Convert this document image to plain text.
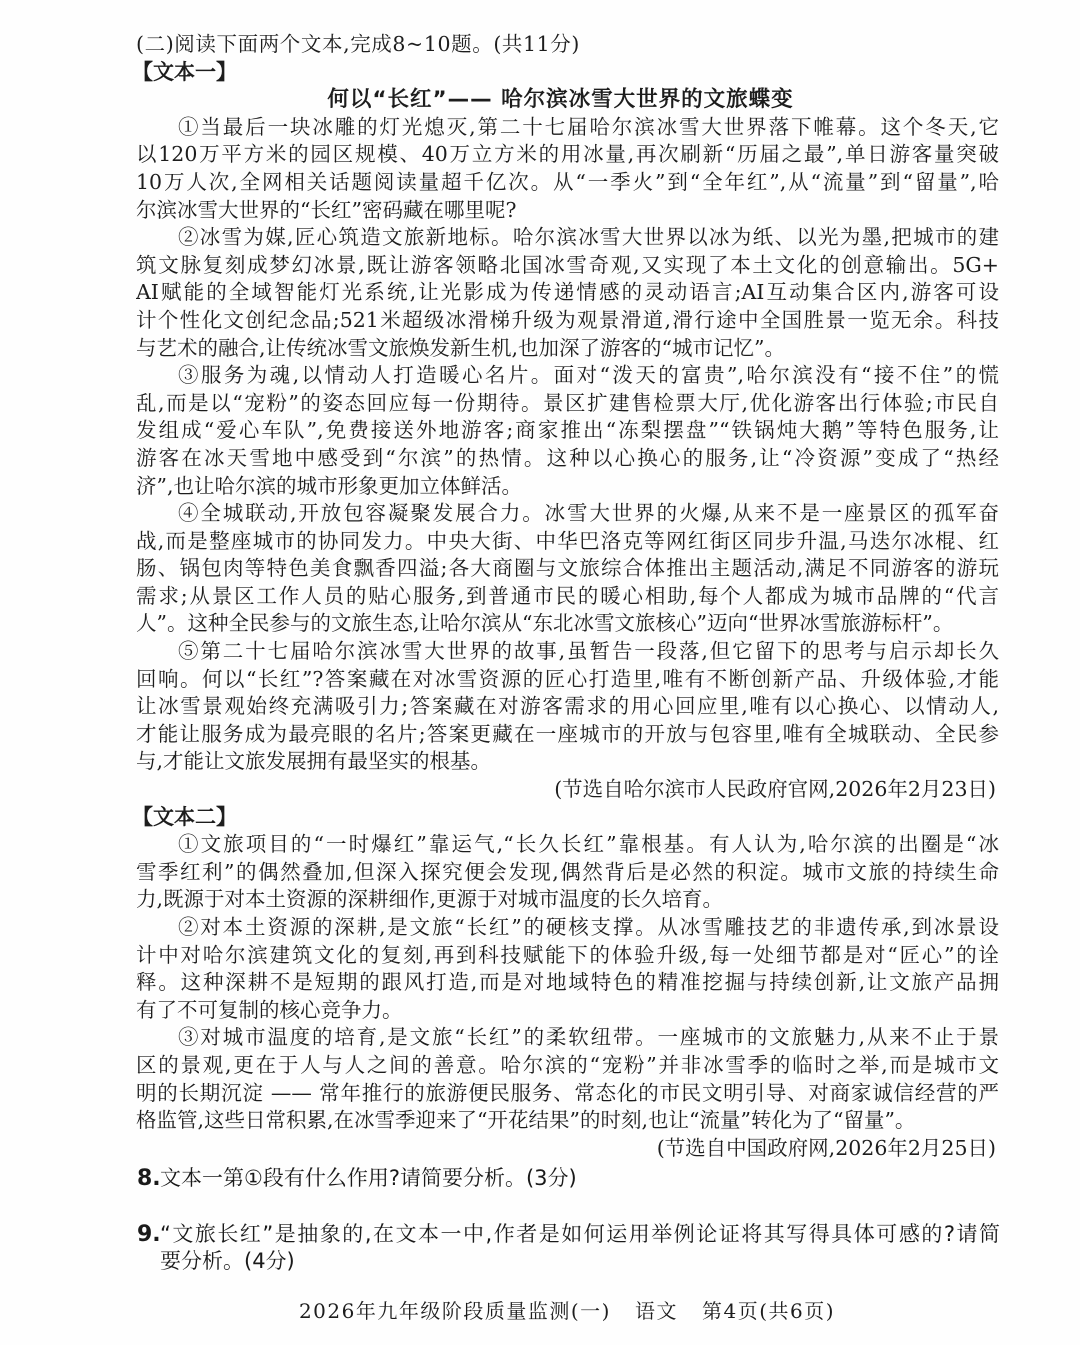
(二)阅读下面两个文本,完成8~10题。(共11分)
【文本一】
何以“长红”—— 哈尔滨冰雪大世界的文旅蝶变
①当最后一块冰雕的灯光熄灭,第二十七届哈尔滨冰雪大世界落下帷幕。这个冬天,它
以120万平方米的园区规模、40万立方米的用冰量,再次刷新“历届之最”,单日游客量突破
10万人次,全网相关话题阅读量超千亿次。从“一季火”到“全年红”,从“流量”到“留量”,哈
尔滨冰雪大世界的“长红”密码藏在哪里呢?
②冰雪为媒,匠心筑造文旅新地标。哈尔滨冰雪大世界以冰为纸、以光为墨,把城市的建
筑文脉复刻成梦幻冰景,既让游客领略北国冰雪奇观,又实现了本土文化的创意输出。5G+
AI赋能的全域智能灯光系统,让光影成为传递情感的灵动语言;AI互动集合区内,游客可设
计个性化文创纪念品;521米超级冰滑梯升级为观景滑道,滑行途中全国胜景一览无余。科技
与艺术的融合,让传统冰雪文旅焕发新生机,也加深了游客的“城市记忆”。
③服务为魂,以情动人打造暖心名片。面对“泼天的富贵”,哈尔滨没有“接不住”的慌
乱,而是以“宠粉”的姿态回应每一份期待。景区扩建售检票大厅,优化游客出行体验;市民自
发组成“爱心车队”,免费接送外地游客;商家推出“冻梨摆盘”“铁锅炖大鹅”等特色服务,让
游客在冰天雪地中感受到“尔滨”的热情。这种以心换心的服务,让“冷资源”变成了“热经
济”,也让哈尔滨的城市形象更加立体鲜活。
④全城联动,开放包容凝聚发展合力。冰雪大世界的火爆,从来不是一座景区的孤军奋
战,而是整座城市的协同发力。中央大街、中华巴洛克等网红街区同步升温,马迭尔冰棍、红
肠、锅包肉等特色美食飘香四溢;各大商圈与文旅综合体推出主题活动,满足不同游客的游玩
需求;从景区工作人员的贴心服务,到普通市民的暖心相助,每个人都成为城市品牌的“代言
人”。这种全民参与的文旅生态,让哈尔滨从“东北冰雪文旅核心”迈向“世界冰雪旅游标杆”。
⑤第二十七届哈尔滨冰雪大世界的故事,虽暂告一段落,但它留下的思考与启示却长久
回响。何以“长红”?答案藏在对冰雪资源的匠心打造里,唯有不断创新产品、升级体验,才能
让冰雪景观始终充满吸引力;答案藏在对游客需求的用心回应里,唯有以心换心、以情动人,
才能让服务成为最亮眼的名片;答案更藏在一座城市的开放与包容里,唯有全城联动、全民参
与,才能让文旅发展拥有最坚实的根基。
(节选自哈尔滨市人民政府官网,2026年2月23日)
【文本二】
①文旅项目的“一时爆红”靠运气,“长久长红”靠根基。有人认为,哈尔滨的出圈是“冰
雪季红利”的偶然叠加,但深入探究便会发现,偶然背后是必然的积淀。城市文旅的持续生命
力,既源于对本土资源的深耕细作,更源于对城市温度的长久培育。
②对本土资源的深耕,是文旅“长红”的硬核支撑。从冰雪雕技艺的非遗传承,到冰景设
计中对哈尔滨建筑文化的复刻,再到科技赋能下的体验升级,每一处细节都是对“匠心”的诠
释。这种深耕不是短期的跟风打造,而是对地域特色的精准挖掘与持续创新,让文旅产品拥
有了不可复制的核心竞争力。
③对城市温度的培育,是文旅“长红”的柔软纽带。一座城市的文旅魅力,从来不止于景
区的景观,更在于人与人之间的善意。哈尔滨的“宠粉”并非冰雪季的临时之举,而是城市文
明的长期沉淀 —— 常年推行的旅游便民服务、常态化的市民文明引导、对商家诚信经营的严
格监管,这些日常积累,在冰雪季迎来了“开花结果”的时刻,也让“流量”转化为了“留量”。
(节选自中国政府网,2026年2月25日)
8. 文本一第①段有什么作用?请简要分析。(3分)
9. “文旅长红”是抽象的,在文本一中,作者是如何运用举例论证将其写得具体可感的?请简
要分析。(4分)
2026年九年级阶段质量监测(一) 语文 第4页(共6页)
